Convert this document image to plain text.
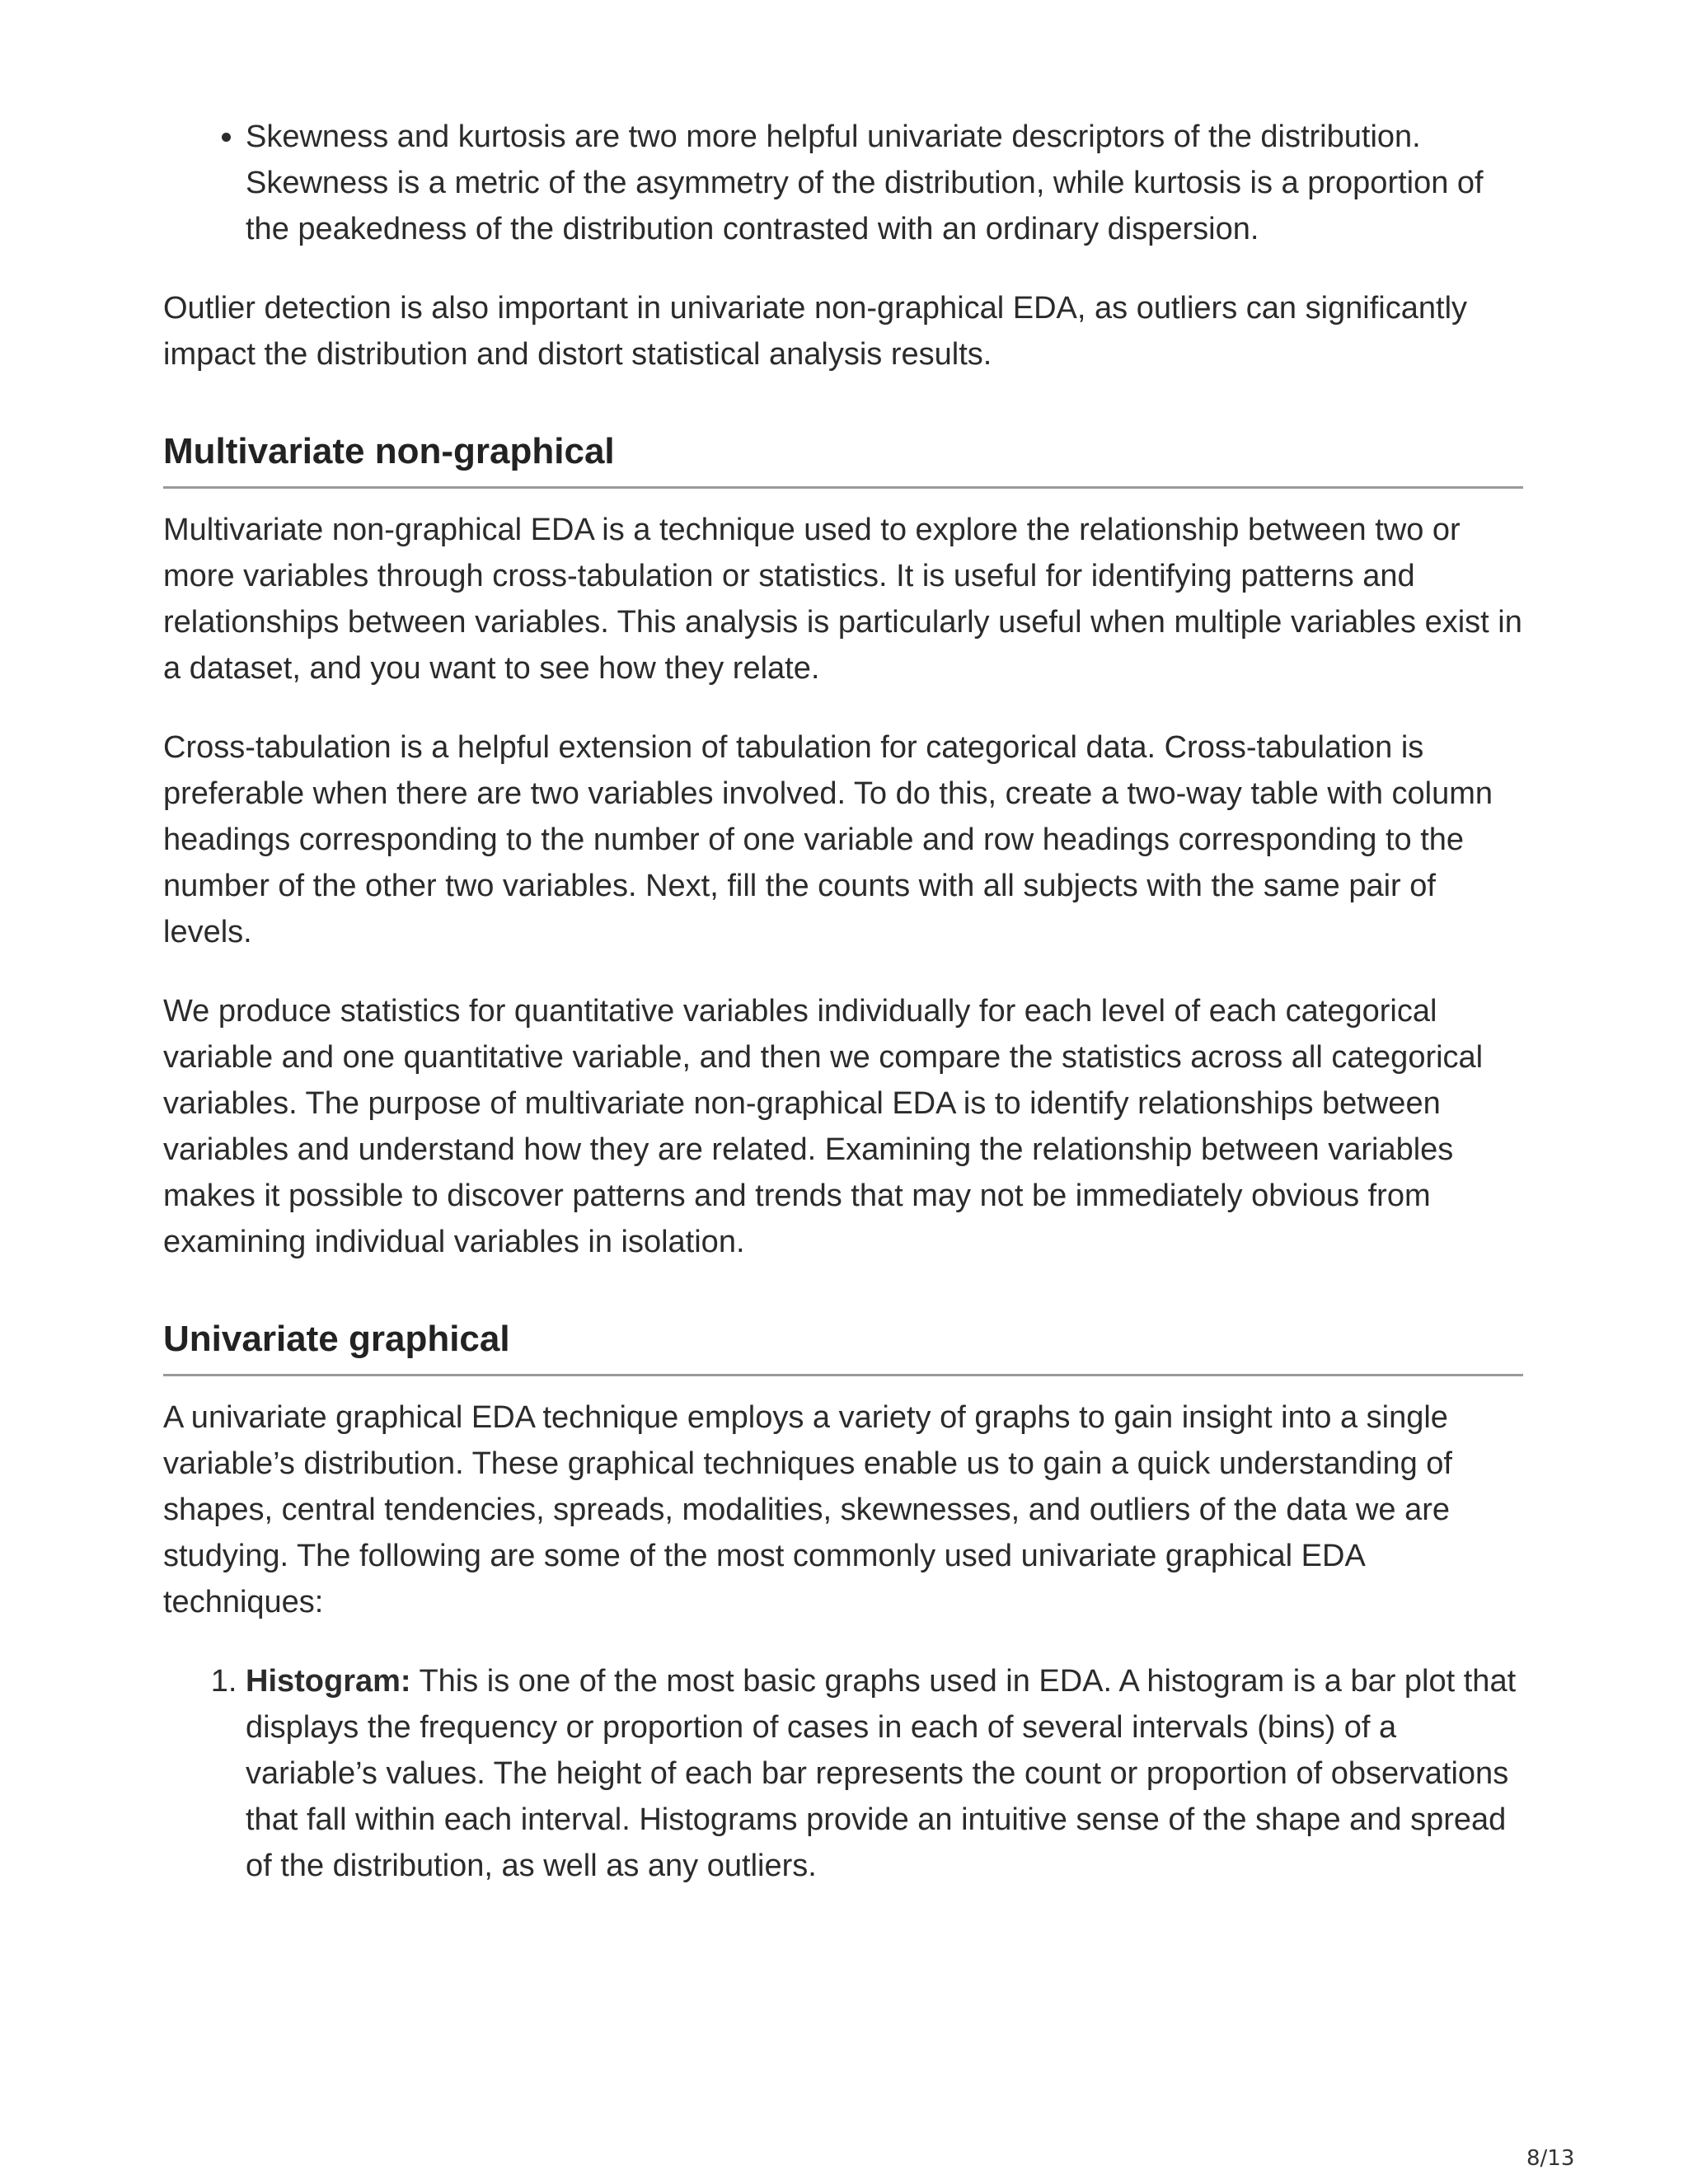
• Skewness and kurtosis are two more helpful univariate descriptors of the distribution. Skewness is a metric of the asymmetry of the distribution, while kurtosis is a proportion of the peakedness of the distribution contrasted with an ordinary dispersion.

Outlier detection is also important in univariate non-graphical EDA, as outliers can significantly impact the distribution and distort statistical analysis results.

Multivariate non-graphical

Multivariate non-graphical EDA is a technique used to explore the relationship between two or more variables through cross-tabulation or statistics. It is useful for identifying patterns and relationships between variables. This analysis is particularly useful when multiple variables exist in a dataset, and you want to see how they relate.

Cross-tabulation is a helpful extension of tabulation for categorical data. Cross-tabulation is preferable when there are two variables involved. To do this, create a two-way table with column headings corresponding to the number of one variable and row headings corresponding to the number of the other two variables. Next, fill the counts with all subjects with the same pair of levels.

We produce statistics for quantitative variables individually for each level of each categorical variable and one quantitative variable, and then we compare the statistics across all categorical variables. The purpose of multivariate non-graphical EDA is to identify relationships between variables and understand how they are related. Examining the relationship between variables makes it possible to discover patterns and trends that may not be immediately obvious from examining individual variables in isolation.

Univariate graphical

A univariate graphical EDA technique employs a variety of graphs to gain insight into a single variable’s distribution. These graphical techniques enable us to gain a quick understanding of shapes, central tendencies, spreads, modalities, skewnesses, and outliers of the data we are studying. The following are some of the most commonly used univariate graphical EDA techniques:

1. Histogram: This is one of the most basic graphs used in EDA. A histogram is a bar plot that displays the frequency or proportion of cases in each of several intervals (bins) of a variable’s values. The height of each bar represents the count or proportion of observations that fall within each interval. Histograms provide an intuitive sense of the shape and spread of the distribution, as well as any outliers.
8/13
